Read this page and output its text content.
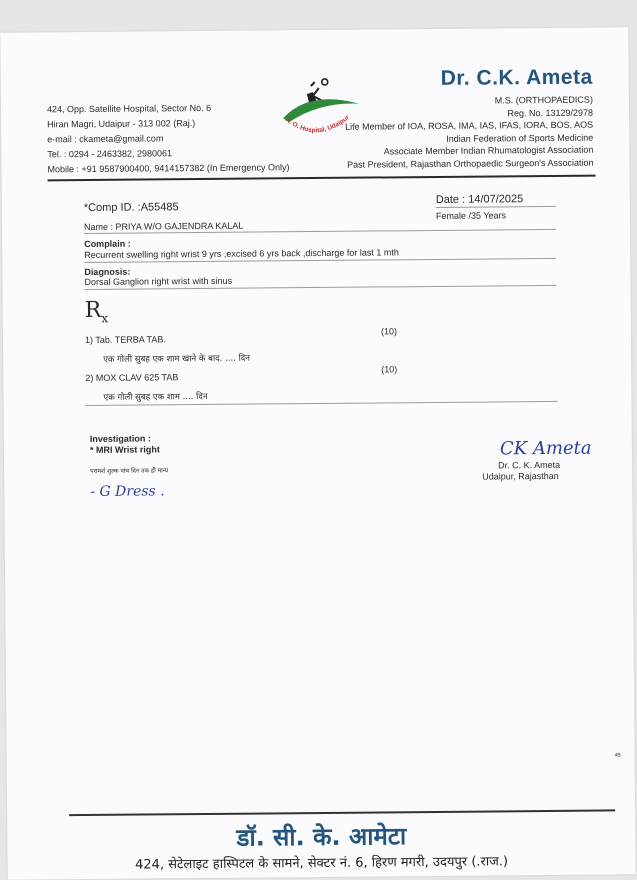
424, Opp. Satellite Hospital, Sector No. 6
Hiran Magri, Udaipur - 313 002 (Raj.)
e-mail : ckameta@gmail.com
Tel. : 0294 - 2463382, 2980061
Mobile : +91 9587900400, 9414157382 (In Emergency Only)
A. O. Hospital, Udaipur
Dr. C.K. Ameta
M.S. (ORTHOPAEDICS)
Reg. No. 13129/2978
Life Member of IOA, ROSA, IMA, IAS, IFAS, IORA, BOS, AOS
Indian Federation of Sports Medicine
Associate Member Indian Rhumatologist Association
Past President, Rajasthan Orthopaedic Surgeon's Association
*Comp ID. :A55485
Date : 14/07/2025
Name : PRIYA W/O GAJENDRA KALAL
Female /35 Years
Complain :
Recurrent swelling right wrist 9 yrs ,excised 6 yrs back ,discharge for last 1 mth
Diagnosis:
Dorsal Ganglion right wrist with sinus
$R_x$
1) Tab. TERBA TAB.
(10)
एक गोली सुबह एक शाम खाने के बाद. .... दिन
2) MOX CLAV 625 TAB
(10)
एक गोली सुबह एक शाम .... दिन
Investigation :
* MRI Wrist right
परामर्श शुल्क पांच दिन तक ही मान्य
- G Dress .
CK Ameta
Dr. C. K. Ameta
Udaipur, Rajasthan
4B
डॉ. सी. के. आमेटा
424, सेटेलाइट हास्पिटल के सामने, सेक्टर नं. 6, हिरण मगरी, उदयपुर (.राज.)
